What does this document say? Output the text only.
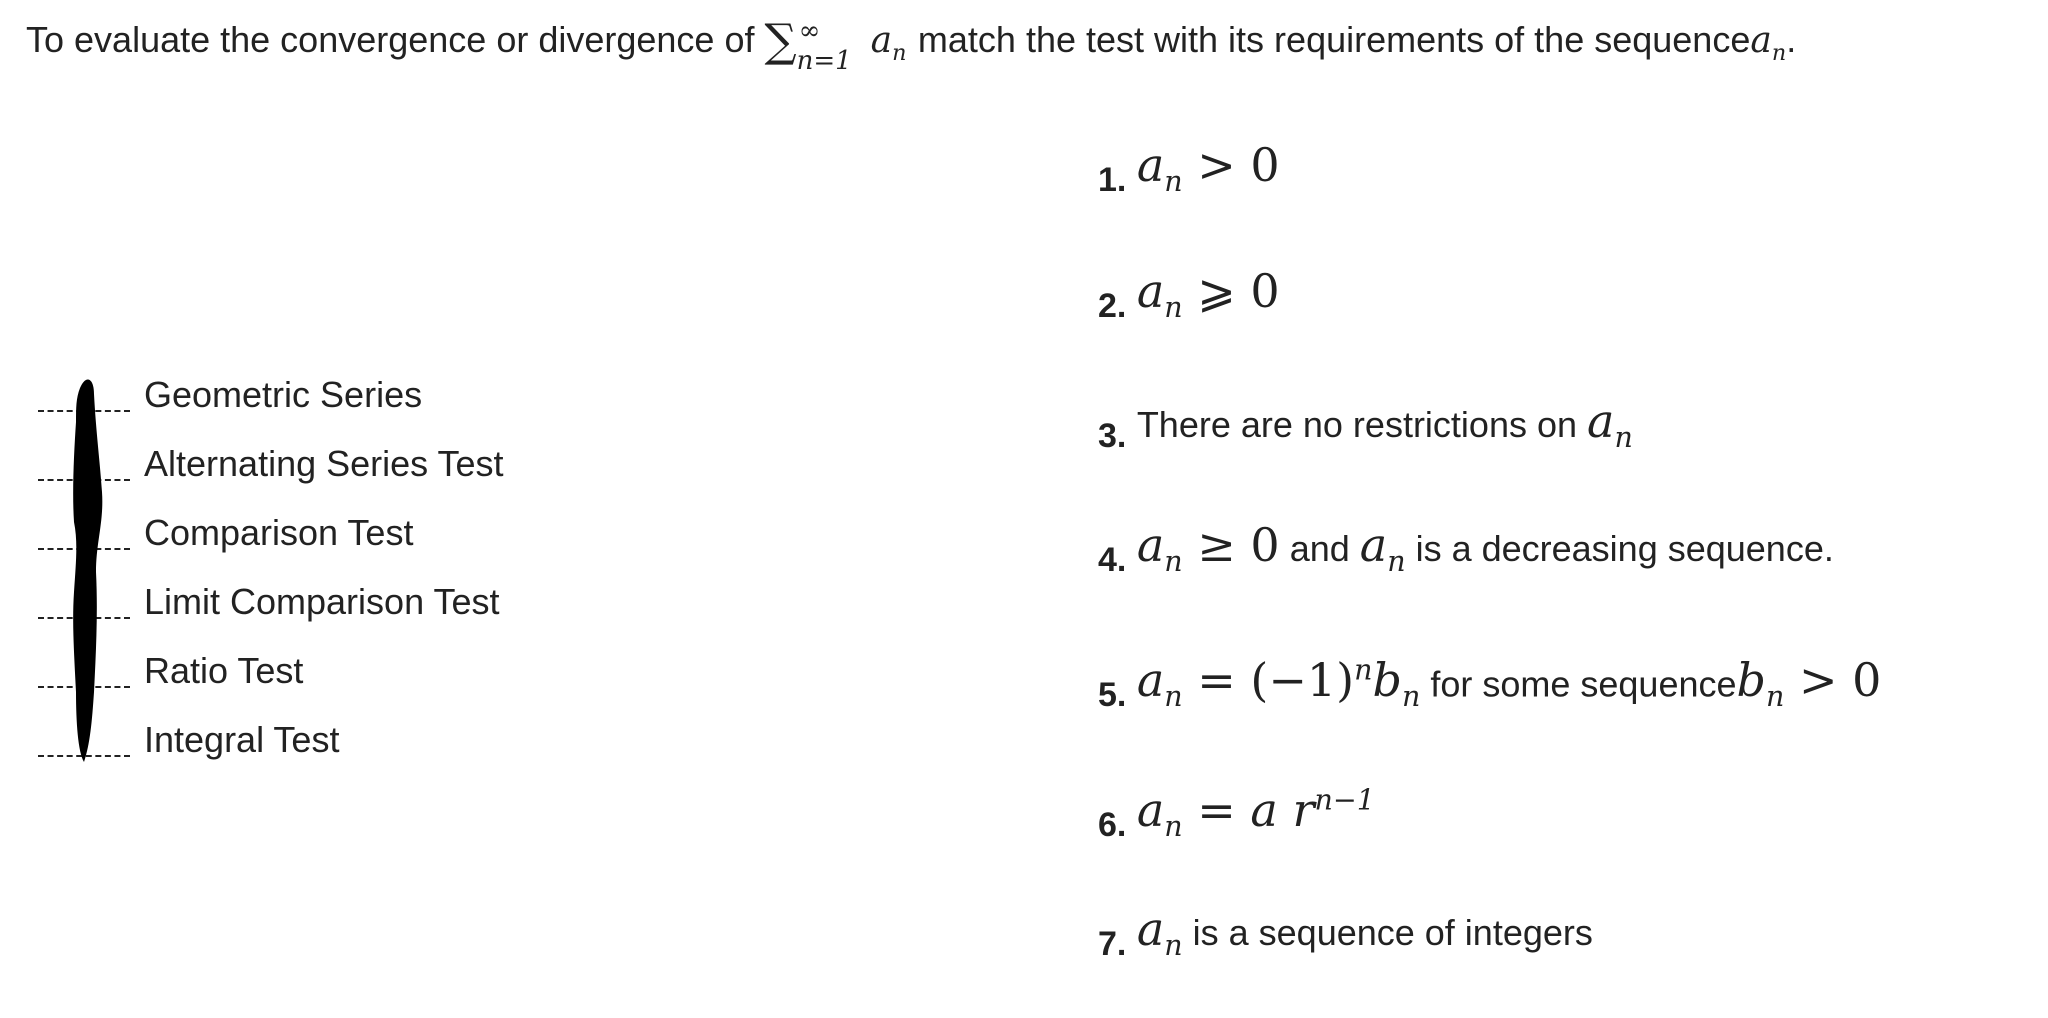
To evaluate the convergence or divergence of ∑ ∞
n=1 $a_n$ match the test with its requirements of the sequencea$_n$.
Geometric Series
Alternating Series Test
Comparison Test
Limit Comparison Test
Ratio Test
Integral Test
1. $a_n > 0$
2. $a_n$ ⩾ 0
3. There are no restrictions on $a_n$
4. $a_n \ge 0$ and $a_n$ is a decreasing sequence.
5. $a_n = (-1)^nb_n$ for some sequenceb$_n$ > 0
6. $a_n = a$ $r^{n-1}$
7. $a_n$ is a sequence of integers
